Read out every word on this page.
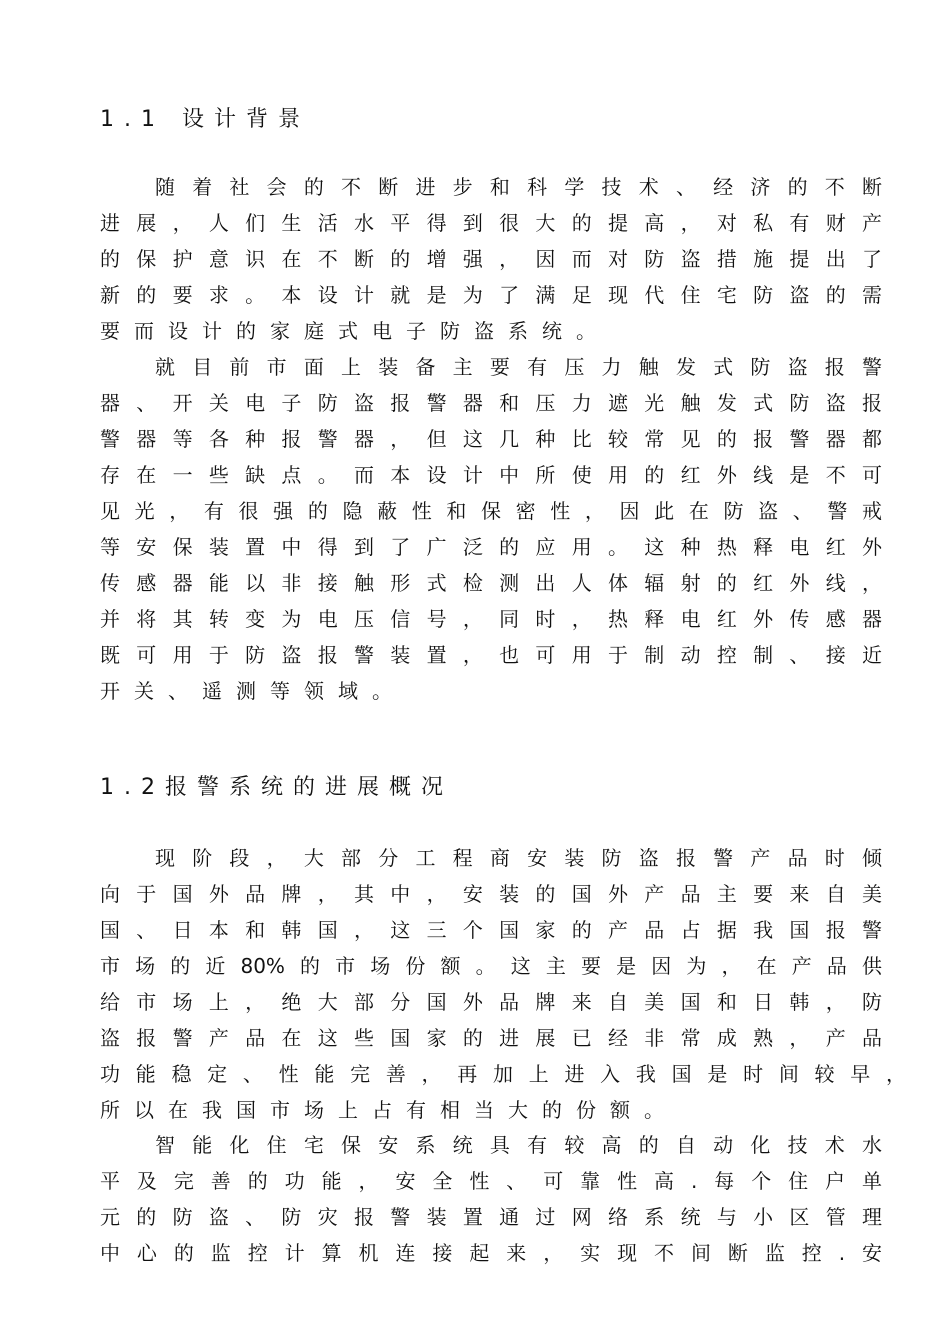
1.1 设计背景
随着社会的不断进步和科学技术、经济的不断
进展，人们生活水平得到很大的提高，对私有财产
的保护意识在不断的增强，因而对防盗措施提出了
新的要求。本设计就是为了满足现代住宅防盗的需
要而设计的家庭式电子防盗系统。
就目前市面上装备主要有压力触发式防盗报警
器、开关电子防盗报警器和压力遮光触发式防盗报
警器等各种报警器，但这几种比较常见的报警器都
存在一些缺点。而本设计中所使用的红外线是不可
见光，有很强的隐蔽性和保密性，因此在防盗、警戒
等安保装置中得到了广泛的应用。这种热释电红外
传感器能以非接触形式检测出人体辐射的红外线，
并将其转变为电压信号，同时，热释电红外传感器
既可用于防盗报警装置，也可用于制动控制、接近
开关、遥测等领域。
1.2报警系统的进展概况
现阶段，大部分工程商安装防盗报警产品时倾
向于国外品牌，其中，安装的国外产品主要来自美
国、日本和韩国，这三个国家的产品占据我国报警
市场的近80%的市场份额。这主要是因为，在产品供
给市场上，绝大部分国外品牌来自美国和日韩，防
盗报警产品在这些国家的进展已经非常成熟，产品
功能稳定、性能完善，再加上进入我国是时间较早，
所以在我国市场上占有相当大的份额。
智能化住宅保安系统具有较高的自动化技术水
平及完善的功能，安全性、可靠性高.每个住户单
元的防盗、防灾报警装置通过网络系统与小区管理
中心的监控计算机连接起来，实现不间断监控.安
